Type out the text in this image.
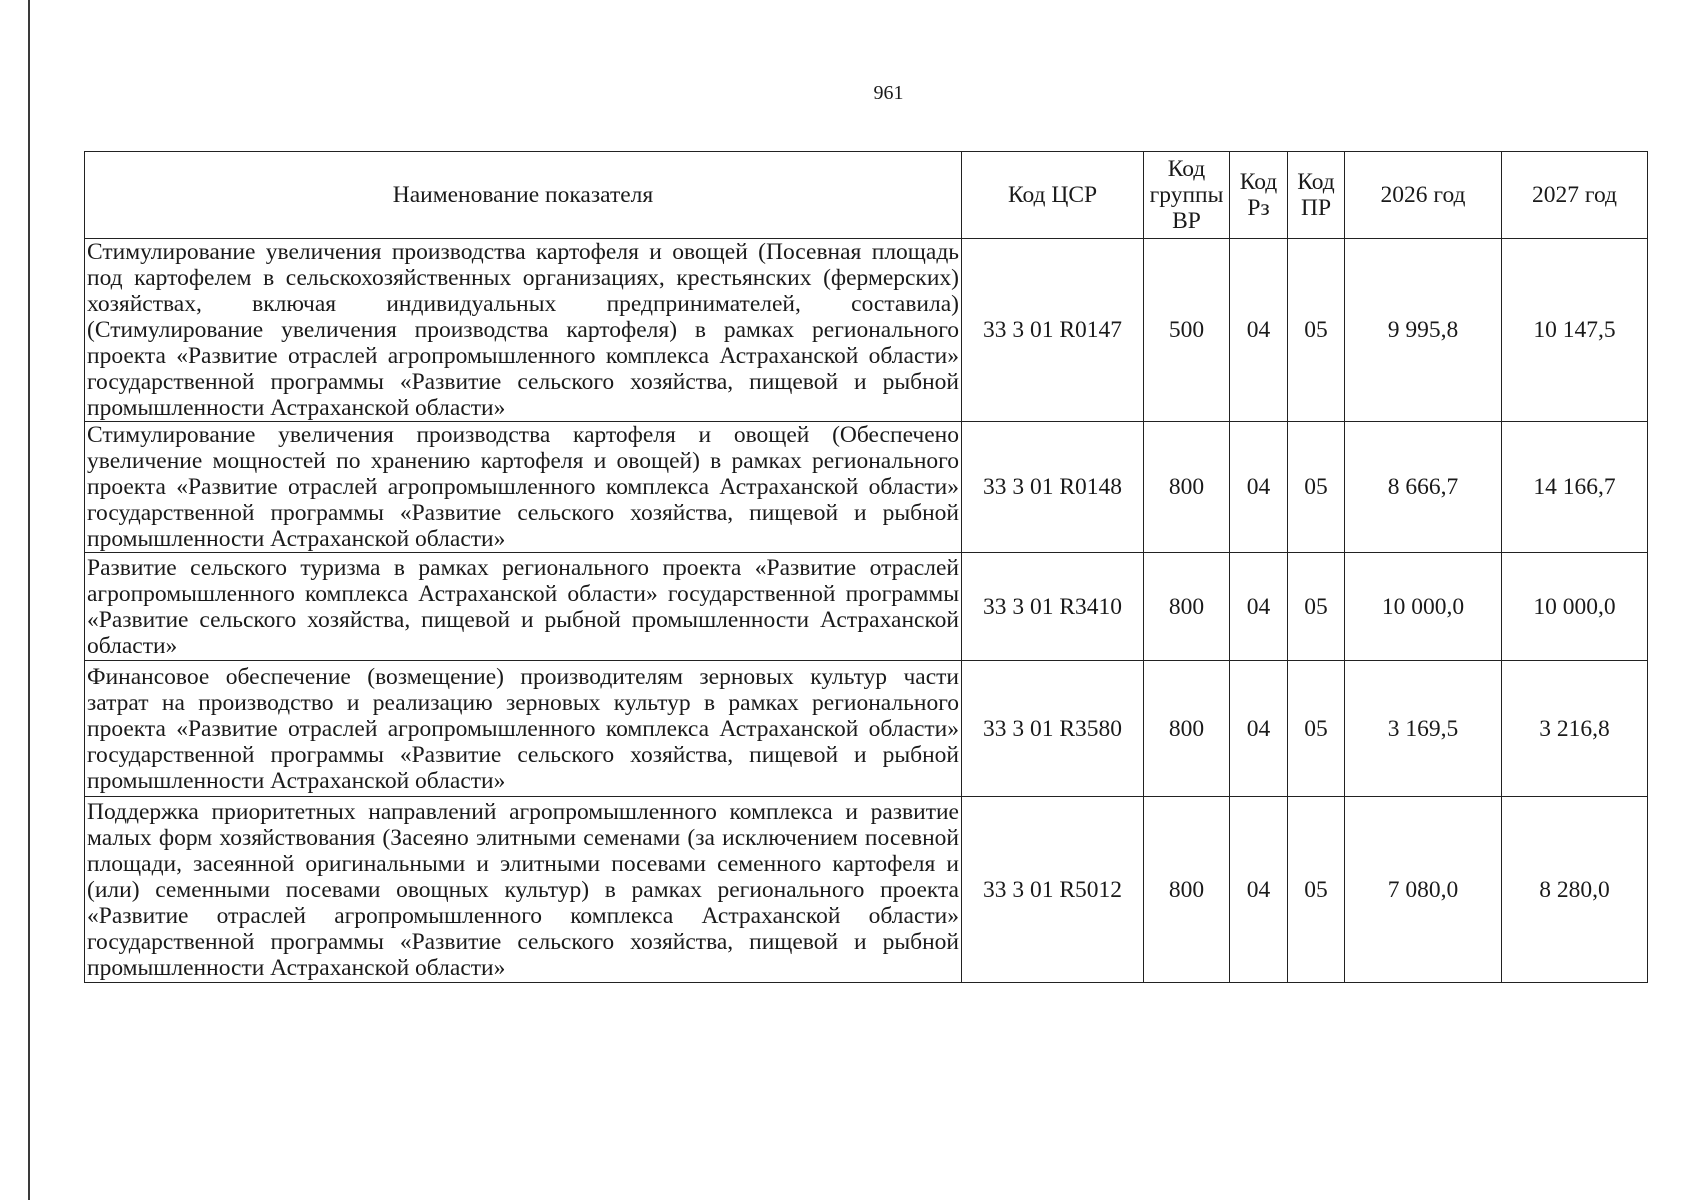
961
Наименование показателя	Код ЦСР	Код группы ВР	Код Рз	Код ПР	2026 год	2027 год
Стимулирование увеличения производства картофеля и овощей (Посевная площадь под картофелем в сельскохозяйственных организациях, крестьянских (фермерских) хозяйствах, включая индивидуальных предпринимателей, составила) (Стимулирование увеличения производства картофеля) в рамках регионального проекта «Развитие отраслей агропромышленного комплекса Астраханской области» государственной программы «Развитие сельского хозяйства, пищевой и рыбной промышленности Астраханской области»	33 3 01 R0147	500	04	05	9 995,8	10 147,5
Стимулирование увеличения производства картофеля и овощей (Обеспечено увеличение мощностей по хранению картофеля и овощей) в рамках регионального проекта «Развитие отраслей агропромышленного комплекса Астраханской области» государственной программы «Развитие сельского хозяйства, пищевой и рыбной промышленности Астраханской области»	33 3 01 R0148	800	04	05	8 666,7	14 166,7
Развитие сельского туризма в рамках регионального проекта «Развитие отраслей агропромышленного комплекса Астраханской области» государственной программы «Развитие сельского хозяйства, пищевой и рыбной промышленности Астраханской области»	33 3 01 R3410	800	04	05	10 000,0	10 000,0
Финансовое обеспечение (возмещение) производителям зерновых культур части затрат на производство и реализацию зерновых культур в рамках регионального проекта «Развитие отраслей агропромышленного комплекса Астраханской области» государственной программы «Развитие сельского хозяйства, пищевой и рыбной промышленности Астраханской области»	33 3 01 R3580	800	04	05	3 169,5	3 216,8
Поддержка приоритетных направлений агропромышленного комплекса и развитие малых форм хозяйствования (Засеяно элитными семенами (за исключением посевной площади, засеянной оригинальными и элитными посевами семенного картофеля и (или) семенными посевами овощных культур) в рамках регионального проекта «Развитие отраслей агропромышленного комплекса Астраханской области» государственной программы «Развитие сельского хозяйства, пищевой и рыбной промышленности Астраханской области»	33 3 01 R5012	800	04	05	7 080,0	8 280,0
